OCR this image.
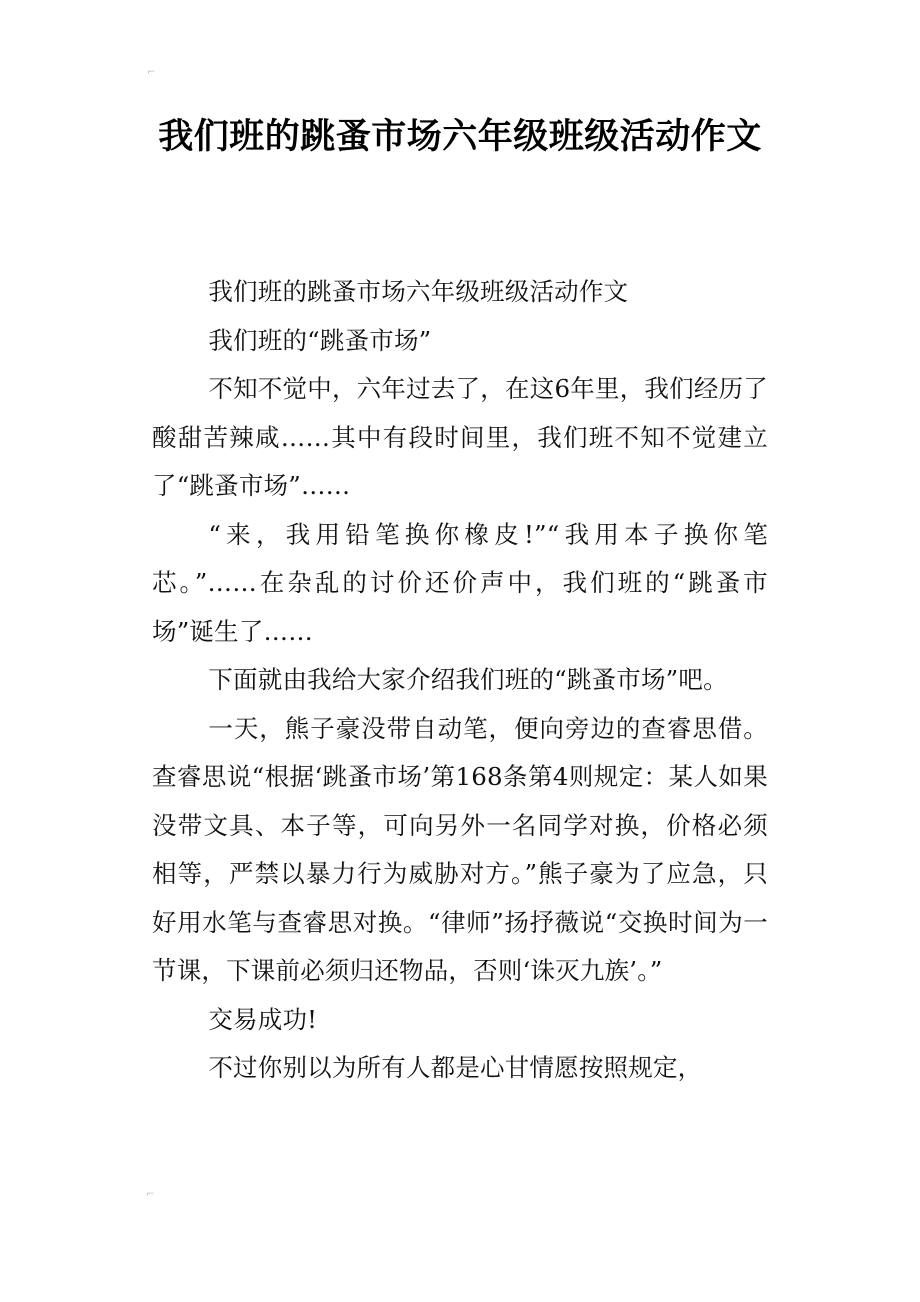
⌐
我们班的跳蚤市场六年级班级活动作文

我们班的跳蚤市场六年级班级活动作文

我们班的“跳蚤市场”

不知不觉中，六年过去了，在这6年里，我们经历了酸甜苦辣咸……其中有段时间里，我们班不知不觉建立了“跳蚤市场”……

“来，我用铅笔换你橡皮!”“我用本子换你笔芯。”……在杂乱的讨价还价声中，我们班的“跳蚤市场”诞生了……

下面就由我给大家介绍我们班的“跳蚤市场”吧。

一天，熊子豪没带自动笔，便向旁边的查睿思借。查睿思说“根据‘跳蚤市场’第168条第4则规定：某人如果没带文具、本子等，可向另外一名同学对换，价格必须相等，严禁以暴力行为威胁对方。”熊子豪为了应急，只好用水笔与查睿思对换。“律师”扬抒薇说“交换时间为一节课，下课前必须归还物品，否则‘诛灭九族’。”

交易成功!

不过你别以为所有人都是心甘情愿按照规定，

⌐
